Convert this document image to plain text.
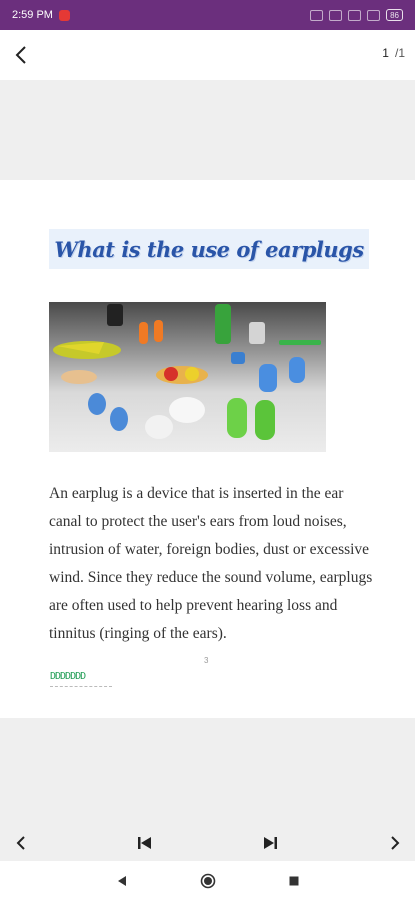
2:59 PM	86
1 /1
What is the use of earplugs
An earplug is a device that is inserted in the ear canal to protect the user's ears from loud noises, intrusion of water, foreign bodies, dust or excessive wind. Since they reduce the sound volume, earplugs are often used to help prevent hearing loss and tinnitus (ringing of the ears).
3
DDDDDDD
